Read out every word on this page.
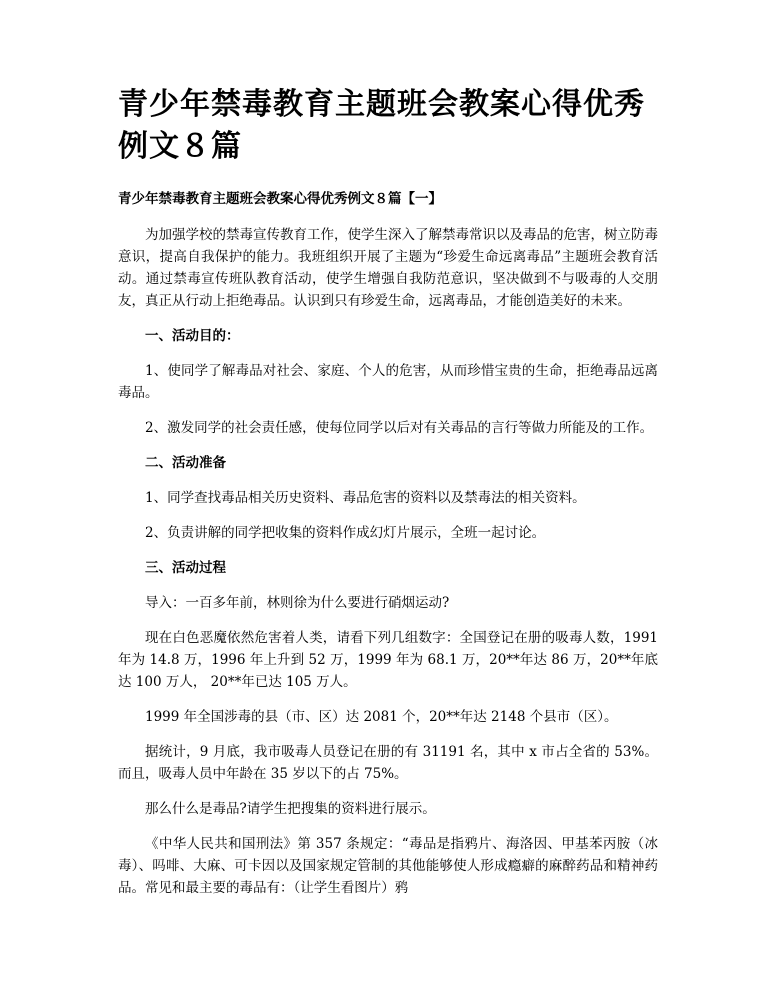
青少年禁毒教育主题班会教案心得优秀例文８篇
青少年禁毒教育主题班会教案心得优秀例文８篇【一】

为加强学校的禁毒宣传教育工作，使学生深入了解禁毒常识以及毒品的危害，树立防毒意识，提高自我保护的能力。我班组织开展了主题为“珍爱生命远离毒品”主题班会教育活动。通过禁毒宣传班队教育活动，使学生增强自我防范意识，坚决做到不与吸毒的人交朋友，真正从行动上拒绝毒品。认识到只有珍爱生命，远离毒品，才能创造美好的未来。

一、活动目的：

1、使同学了解毒品对社会、家庭、个人的危害，从而珍惜宝贵的生命，拒绝毒品远离毒品。

2、激发同学的社会责任感，使每位同学以后对有关毒品的言行等做力所能及的工作。

二、活动准备

1、同学查找毒品相关历史资料、毒品危害的资料以及禁毒法的相关资料。

2、负责讲解的同学把收集的资料作成幻灯片展示，全班一起讨论。

三、活动过程

导入：一百多年前，林则徐为什么要进行硝烟运动?

现在白色恶魔依然危害着人类，请看下列几组数字：全国登记在册的吸毒人数，1991 年为 14.8 万，1996 年上升到 52 万，1999 年为 68.1 万，20**年达 86 万，20**年底达 100 万人， 20**年已达 105 万人。

1999 年全国涉毒的县（市、区）达 2081 个，20**年达 2148 个县市（区）。

据统计，9 月底，我市吸毒人员登记在册的有 31191 名，其中 x 市占全省的 53%。而且，吸毒人员中年龄在 35 岁以下的占 75%。

那么什么是毒品?请学生把搜集的资料进行展示。

《中华人民共和国刑法》第 357 条规定：“毒品是指鸦片、海洛因、甲基苯丙胺（冰毒）、吗啡、大麻、可卡因以及国家规定管制的其他能够使人形成瘾癖的麻醉药品和精神药品。常见和最主要的毒品有：（让学生看图片）鸦
